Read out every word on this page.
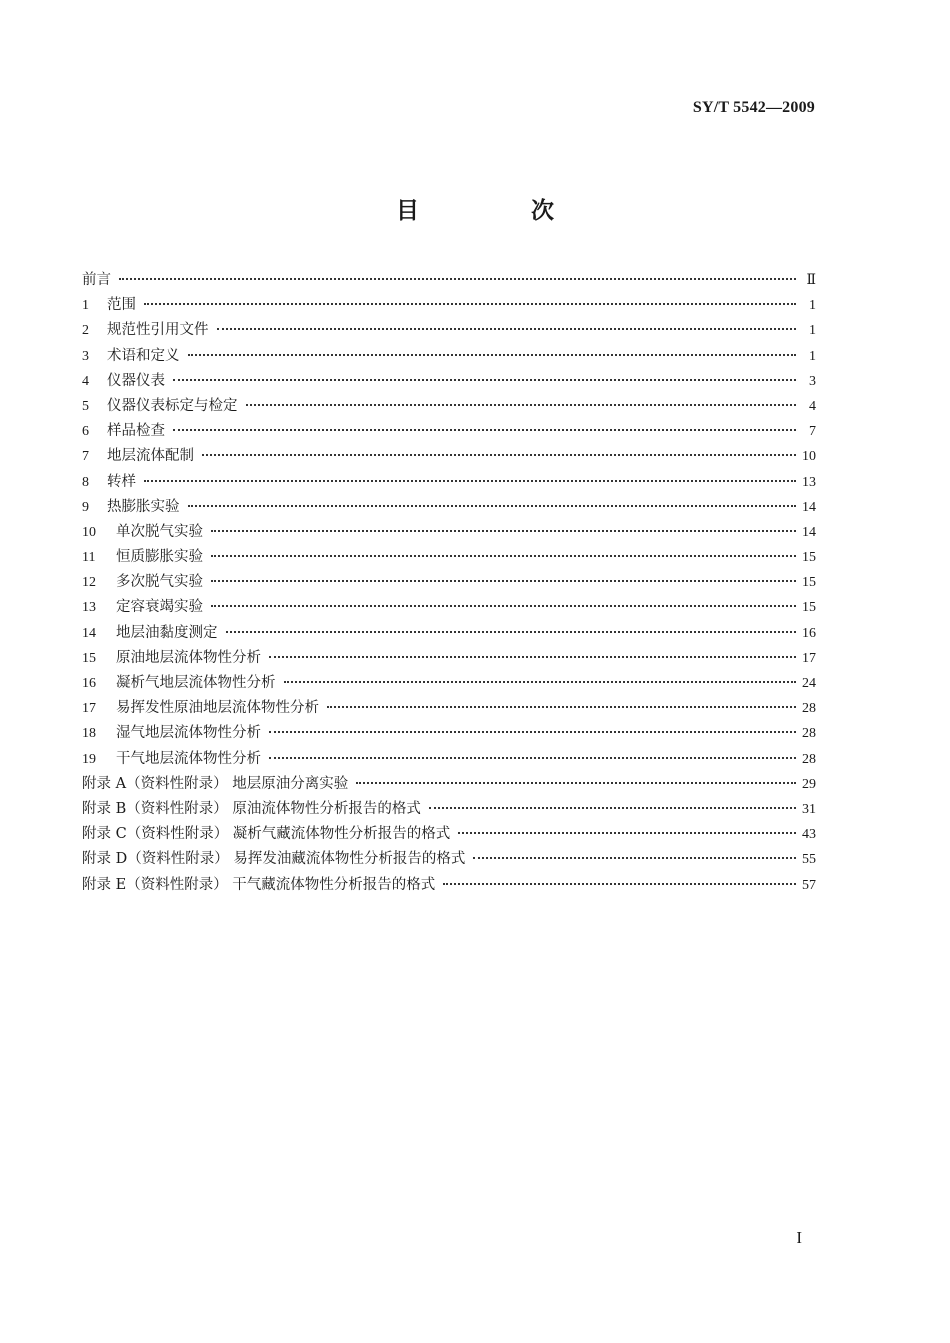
SY/T 5542—2009
目 次
前言	Ⅱ
1	范围	1
2	规范性引用文件	1
3	术语和定义	1
4	仪器仪表	3
5	仪器仪表标定与检定	4
6	样品检查	7
7	地层流体配制	10
8	转样	13
9	热膨胀实验	14
10	单次脱气实验	14
11	恒质膨胀实验	15
12	多次脱气实验	15
13	定容衰竭实验	15
14	地层油黏度测定	16
15	原油地层流体物性分析	17
16	凝析气地层流体物性分析	24
17	易挥发性原油地层流体物性分析	28
18	湿气地层流体物性分析	28
19	干气地层流体物性分析	28
附录 A（资料性附录） 地层原油分离实验	29
附录 B（资料性附录） 原油流体物性分析报告的格式	31
附录 C（资料性附录） 凝析气藏流体物性分析报告的格式	43
附录 D（资料性附录） 易挥发油藏流体物性分析报告的格式	55
附录 E（资料性附录） 干气藏流体物性分析报告的格式	57
I
